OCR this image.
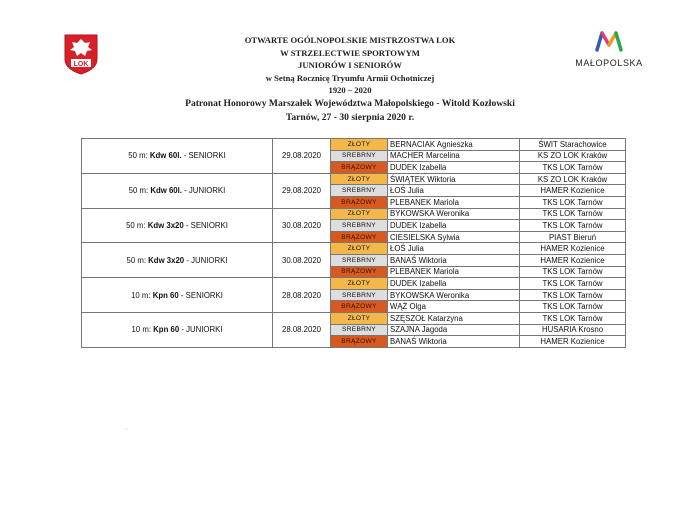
LOK	MAŁOPOLSKA
OTWARTE OGÓLNOPOLSKIE MISTRZOSTWA LOK
W STRZELECTWIE SPORTOWYM
JUNIORÓW I SENIORÓW
w Setną Rocznicę Tryumfu Armii Ochotniczej
1920 – 2020
Patronat Honorowy Marszałek Województwa Małopolskiego - Witold Kozłowski
Tarnów, 27 - 30 sierpnia 2020 r.
50 m: Kdw 60l. - SENIORKI	29.08.2020	ZŁOTY	BERNACIAK Agnieszka	ŚWIT Starachowice
		SREBRNY	MACHER Marcelina	KS ZO LOK Kraków
		BRĄZOWY	DUDEK Izabella	TKS LOK Tarnów
50 m: Kdw 60l. - JUNIORKI	29.08.2020	ZŁOTY	ŚWIĄTEK Wiktoria	KS ZO LOK Kraków
		SREBRNY	ŁOŚ Julia	HAMER Kozienice
		BRĄZOWY	PLEBANEK Mariola	TKS LOK Tarnów
50 m: Kdw 3x20 - SENIORKI	30.08.2020	ZŁOTY	BYKOWSKA Weronika	TKS LOK Tarnów
		SREBRNY	DUDEK Izabella	TKS LOK Tarnów
		BRĄZOWY	CIESIELSKA Sylwia	PIAST Bieruń
50 m: Kdw 3x20 - JUNIORKI	30.08.2020	ZŁOTY	ŁOŚ Julia	HAMER Kozienice
		SREBRNY	BANAŚ Wiktoria	HAMER Kozienice
		BRĄZOWY	PLEBANEK Mariola	TKS LOK Tarnów
10 m: Kpn 60 - SENIORKI	28.08.2020	ZŁOTY	DUDEK Izabella	TKS LOK Tarnów
		SREBRNY	BYKOWSKA Weronika	TKS LOK Tarnów
		BRĄZOWY	WĄŻ Olga	TKS LOK Tarnów
10 m: Kpn 60 - JUNIORKI	28.08.2020	ZŁOTY	SZĘSZOŁ Katarzyna	TKS LOK Tarnów
		SREBRNY	SZAJNA Jagoda	HUSARIA Krosno
		BRĄZOWY	BANAŚ Wiktoria	HAMER Kozienice
'
